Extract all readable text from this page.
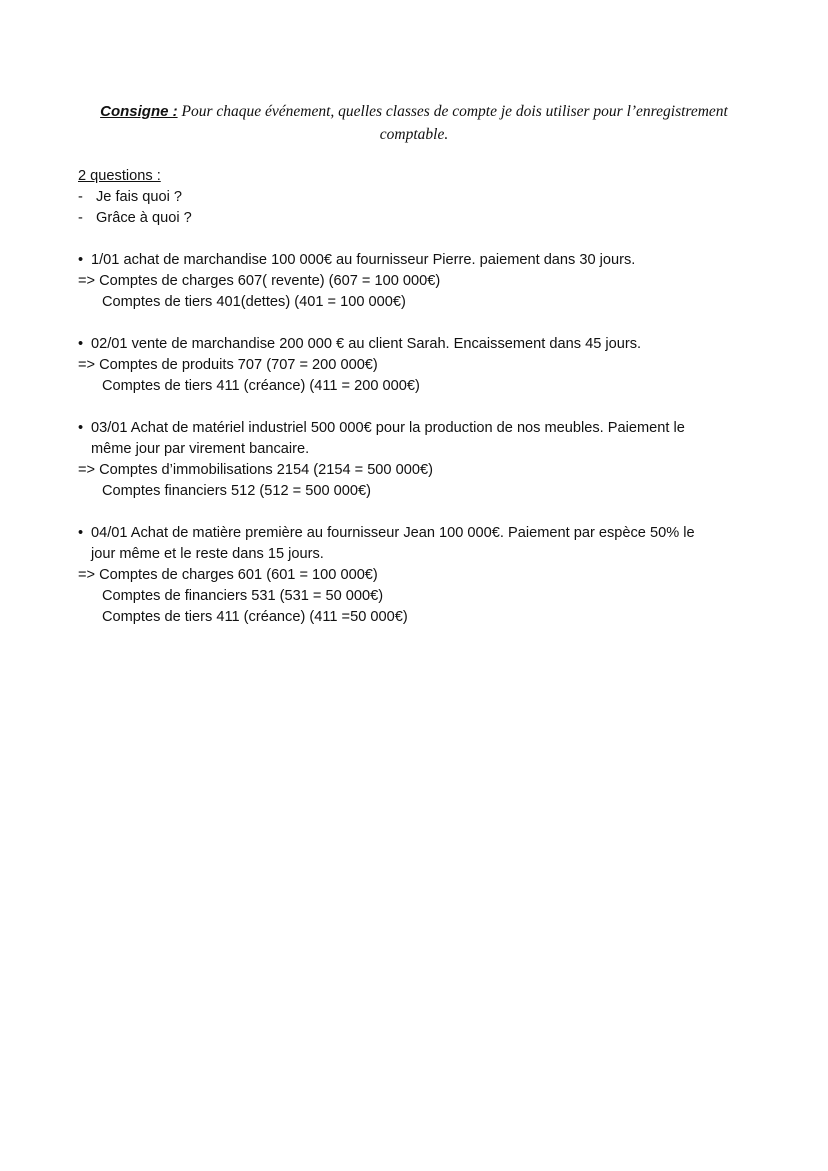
Consigne : Pour chaque événement, quelles classes de compte je dois utiliser pour l’enregistrement
comptable.
2 questions :
- Je fais quoi ?
- Grâce à quoi ?
• 1/01 achat de marchandise 100 000€ au fournisseur Pierre. paiement dans 30 jours.
=> Comptes de charges 607( revente) (607 = 100 000€)
Comptes de tiers 401(dettes) (401 = 100 000€)
• 02/01 vente de marchandise 200 000 € au client Sarah. Encaissement dans 45 jours.
=> Comptes de produits 707 (707 = 200 000€)
Comptes de tiers 411 (créance) (411 = 200 000€)
• 03/01 Achat de matériel industriel 500 000€ pour la production de nos meubles. Paiement le
même jour par virement bancaire.
=> Comptes d’immobilisations 2154 (2154 = 500 000€)
Comptes financiers 512 (512 = 500 000€)
• 04/01 Achat de matière première au fournisseur Jean 100 000€. Paiement par espèce 50% le
jour même et le reste dans 15 jours.
=> Comptes de charges 601 (601 = 100 000€)
Comptes de financiers 531 (531 = 50 000€)
Comptes de tiers 411 (créance) (411 =50 000€)
